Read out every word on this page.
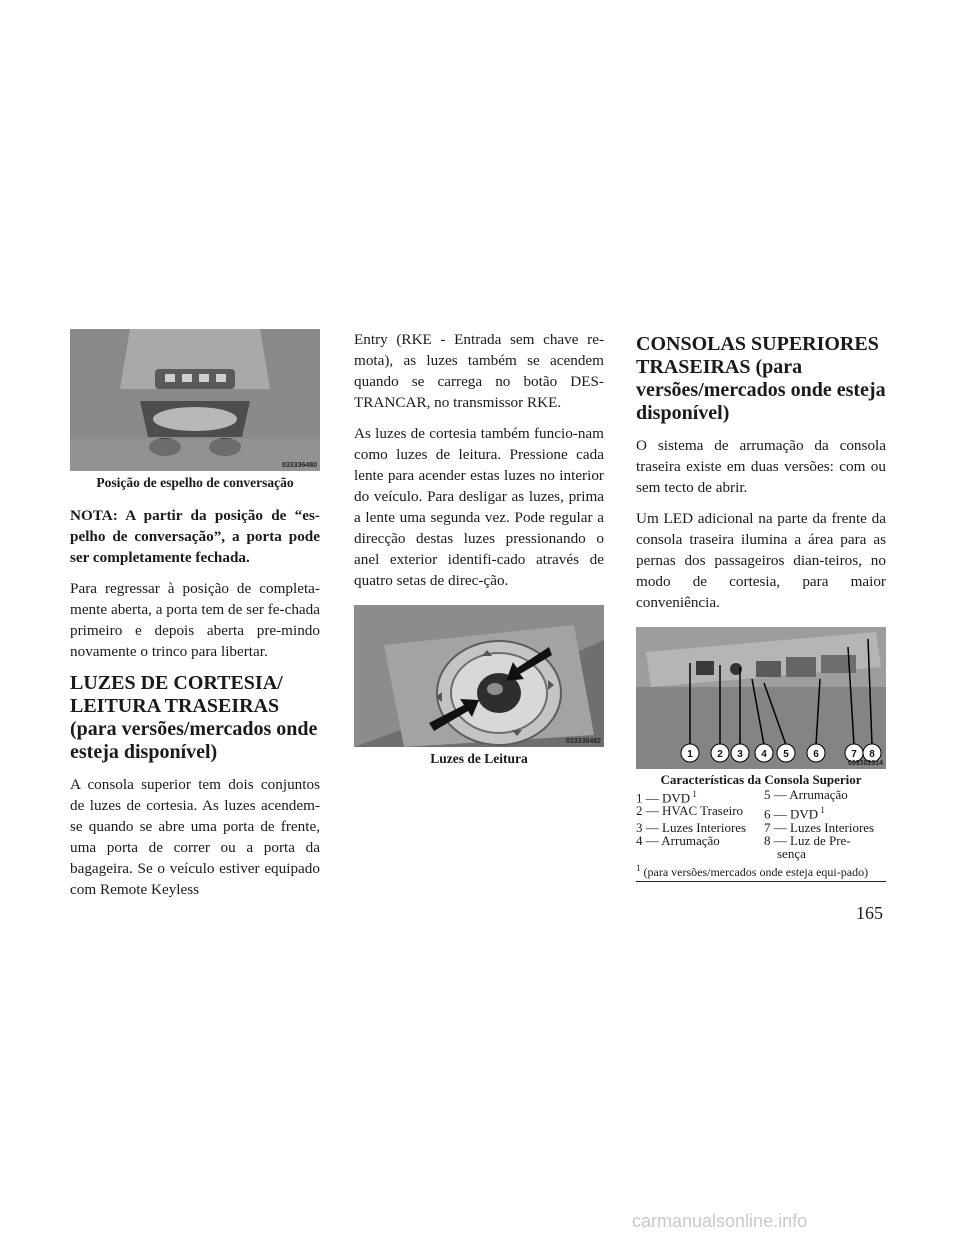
033336480
Posição de espelho de conversação
NOTA: A partir da posição de “es-pelho de conversação”, a porta pode ser completamente fechada.

Para regressar à posição de completa-mente aberta, a porta tem de ser fe-chada primeiro e depois aberta pre-mindo novamente o trinco para libertar.

LUZES DE CORTESIA/ LEITURA TRASEIRAS (para versões/mercados onde esteja disponível)

A consola superior tem dois conjuntos de luzes de cortesia. As luzes acendem-se quando se abre uma porta de frente, uma porta de correr ou a porta da bagageira. Se o veículo estiver equipado com Remote Keyless

Entry (RKE - Entrada sem chave re-mota), as luzes também se acendem quando se carrega no botão DES-TRANCAR, no transmissor RKE.

As luzes de cortesia também funcio-nam como luzes de leitura. Pressione cada lente para acender estas luzes no interior do veículo. Para desligar as luzes, prima a lente uma segunda vez. Pode regular a direcção destas luzes pressionando o anel exterior identifi-cado através de quatro setas de direc-ção.

033336482
Luzes de Leitura
CONSOLAS SUPERIORES TRASEIRAS (para versões/mercados onde esteja disponível)

O sistema de arrumação da consola traseira existe em duas versões: com ou sem tecto de abrir.

Um LED adicional na parte da frente da consola traseira ilumina a área para as pernas dos passageiros dian-teiros, no modo de cortesia, para maior conveniência.

1 2 3 4 5 6	7 8
033302314
Características da Consola Superior
1 — DVD $^1$	5 — Arrumação
2 — HVAC Traseiro	6 — DVD $^1$
3 — Luzes Interiores	7 — Luzes Interiores
4 — Arrumação	8 — Luz de Pre-
sença
$^1$ (para versões/mercados onde esteja equi-pado)
165
carmanualsonline.info
